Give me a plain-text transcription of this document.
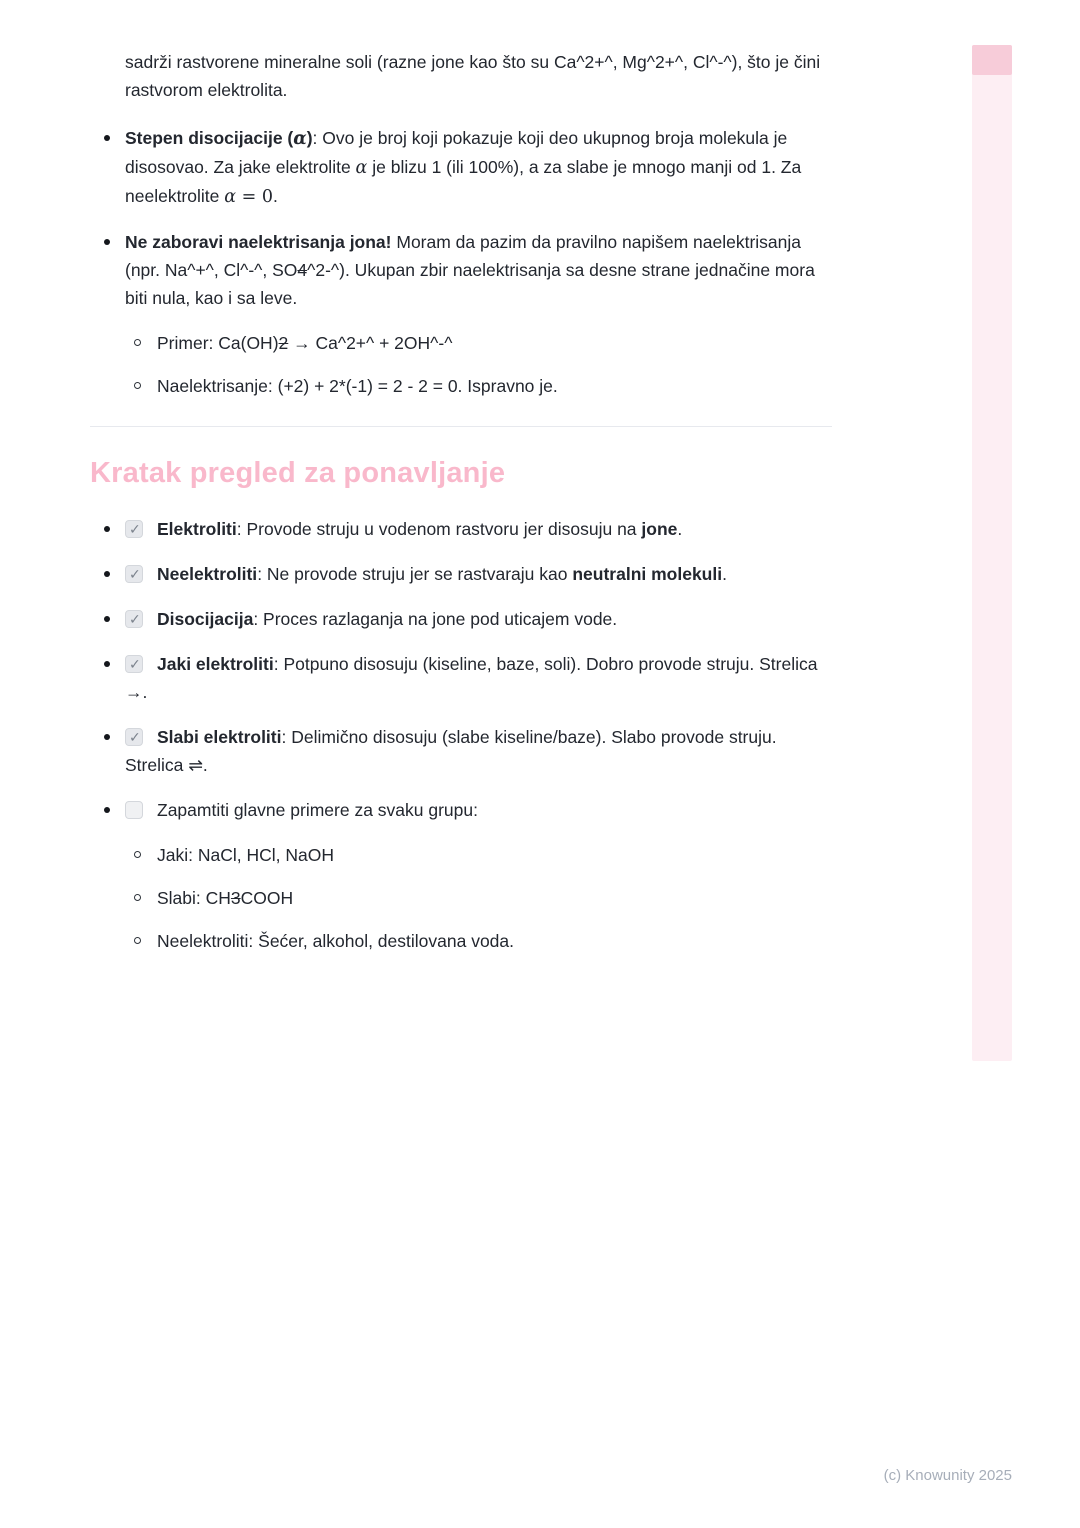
sadrži rastvorene mineralne soli (razne jone kao što su Ca^2+^, Mg^2+^, Cl^-^), što je čini rastvorom elektrolita.

Stepen disocijacije (α): Ovo je broj koji pokazuje koji deo ukupnog broja molekula je disosovao. Za jake elektrolite α je blizu 1 (ili 100%), a za slabe je mnogo manji od 1. Za neelektrolite α = 0.

Ne zaboravi naelektrisanja jona! Moram da pazim da pravilno napišem naelektrisanja (npr. Na^+^, Cl^-^, SO4^2-^). Ukupan zbir naelektrisanja sa desne strane jednačine mora biti nula, kao i sa leve.

Primer: Ca(OH)2 → Ca^2+^ + 2OH^-^

Naelektrisanje: (+2) + 2*(-1) = 2 - 2 = 0. Ispravno je.

Kratak pregled za ponavljanje

✓Elektroliti: Provode struju u vodenom rastvoru jer disosuju na jone.

✓Neelektroliti: Ne provode struju jer se rastvaraju kao neutralni molekuli.

✓Disocijacija: Proces razlaganja na jone pod uticajem vode.

✓Jaki elektroliti: Potpuno disosuju (kiseline, baze, soli). Dobro provode struju. Strelica →.

✓Slabi elektroliti: Delimično disosuju (slabe kiseline/baze). Slabo provode struju. Strelica ⇌.

Zapamtiti glavne primere za svaku grupu:

Jaki: NaCl, HCl, NaOH

Slabi: CH3COOH

Neelektroliti: Šećer, alkohol, destilovana voda.

(c) Knowunity 2025
